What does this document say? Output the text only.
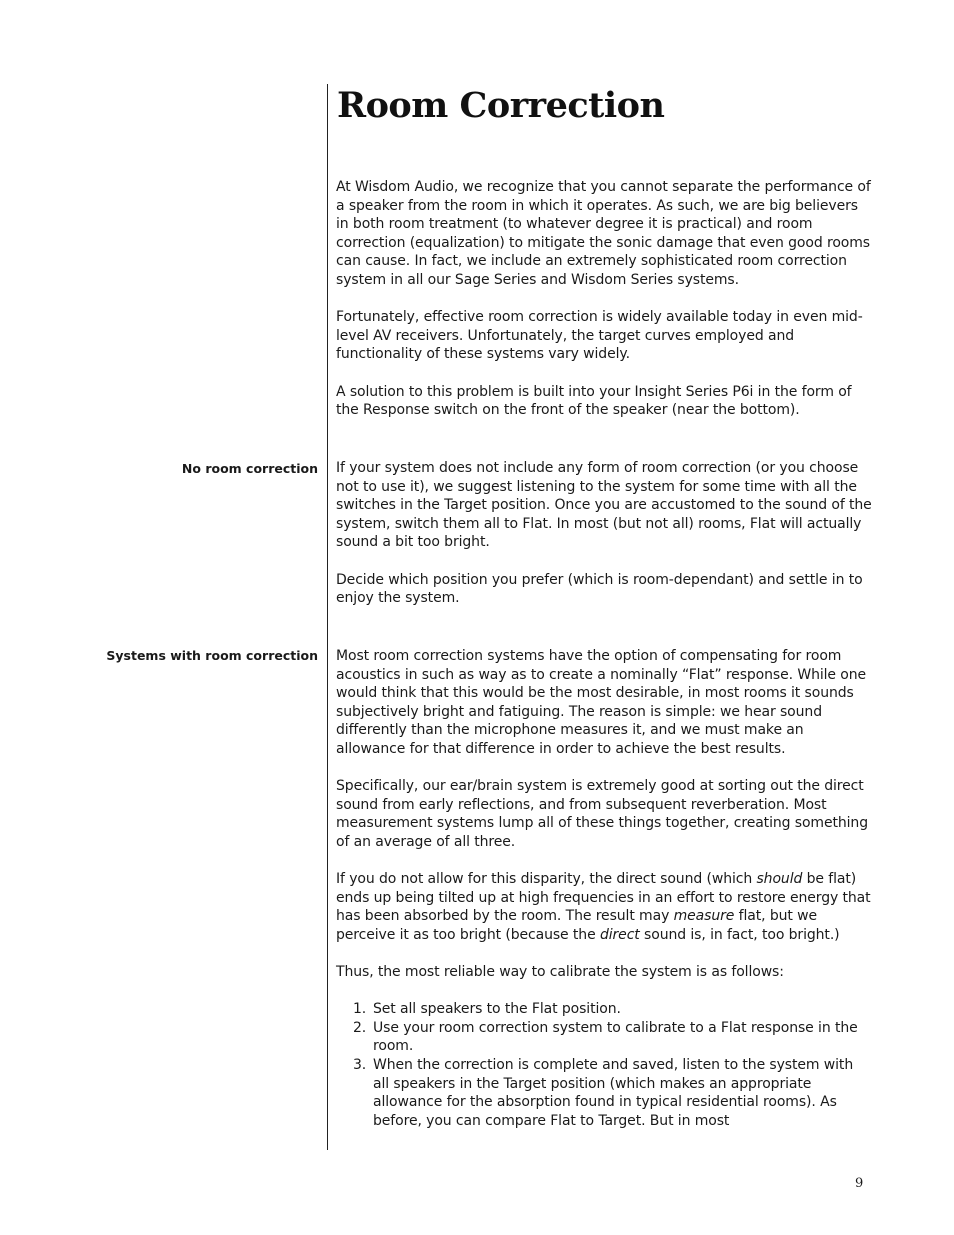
Room Correction

At Wisdom Audio, we recognize that you cannot separate the performance of a speaker from the room in which it operates. As such, we are big believers in both room treatment (to whatever degree it is practical) and room correction (equalization) to mitigate the sonic damage that even good rooms can cause. In fact, we include an extremely sophisticated room correction system in all our Sage Series and Wisdom Series systems.

Fortunately, effective room correction is widely available today in even mid-level AV receivers. Unfortunately, the target curves employed and functionality of these systems vary widely.

A solution to this problem is built into your Insight Series P6i in the form of the Response switch on the front of the speaker (near the bottom).

No room correction If your system does not include any form of room correction (or you choose not to use it), we suggest listening to the system for some time with all the switches in the Target position. Once you are accustomed to the sound of the system, switch them all to Flat. In most (but not all) rooms, Flat will actually sound a bit too bright.

Decide which position you prefer (which is room-dependant) and settle in to enjoy the system.

Systems with room correction Most room correction systems have the option of compensating for room acoustics in such as way as to create a nominally “Flat” response. While one would think that this would be the most desirable, in most rooms it sounds subjectively bright and fatiguing. The reason is simple: we hear sound differently than the microphone measures it, and we must make an allowance for that difference in order to achieve the best results.

Specifically, our ear/brain system is extremely good at sorting out the direct sound from early reflections, and from subsequent reverberation. Most measurement systems lump all of these things together, creating something of an average of all three.

If you do not allow for this disparity, the direct sound (which should be flat) ends up being tilted up at high frequencies in an effort to restore energy that has been absorbed by the room. The result may measure flat, but we perceive it as too bright (because the direct sound is, in fact, too bright.)

Thus, the most reliable way to calibrate the system is as follows:

1. Set all speakers to the Flat position.
2. Use your room correction system to calibrate to a Flat response in the room.
3. When the correction is complete and saved, listen to the system with all speakers in the Target position (which makes an appropriate allowance for the absorption found in typical residential rooms). As before, you can compare Flat to Target. But in most
9
